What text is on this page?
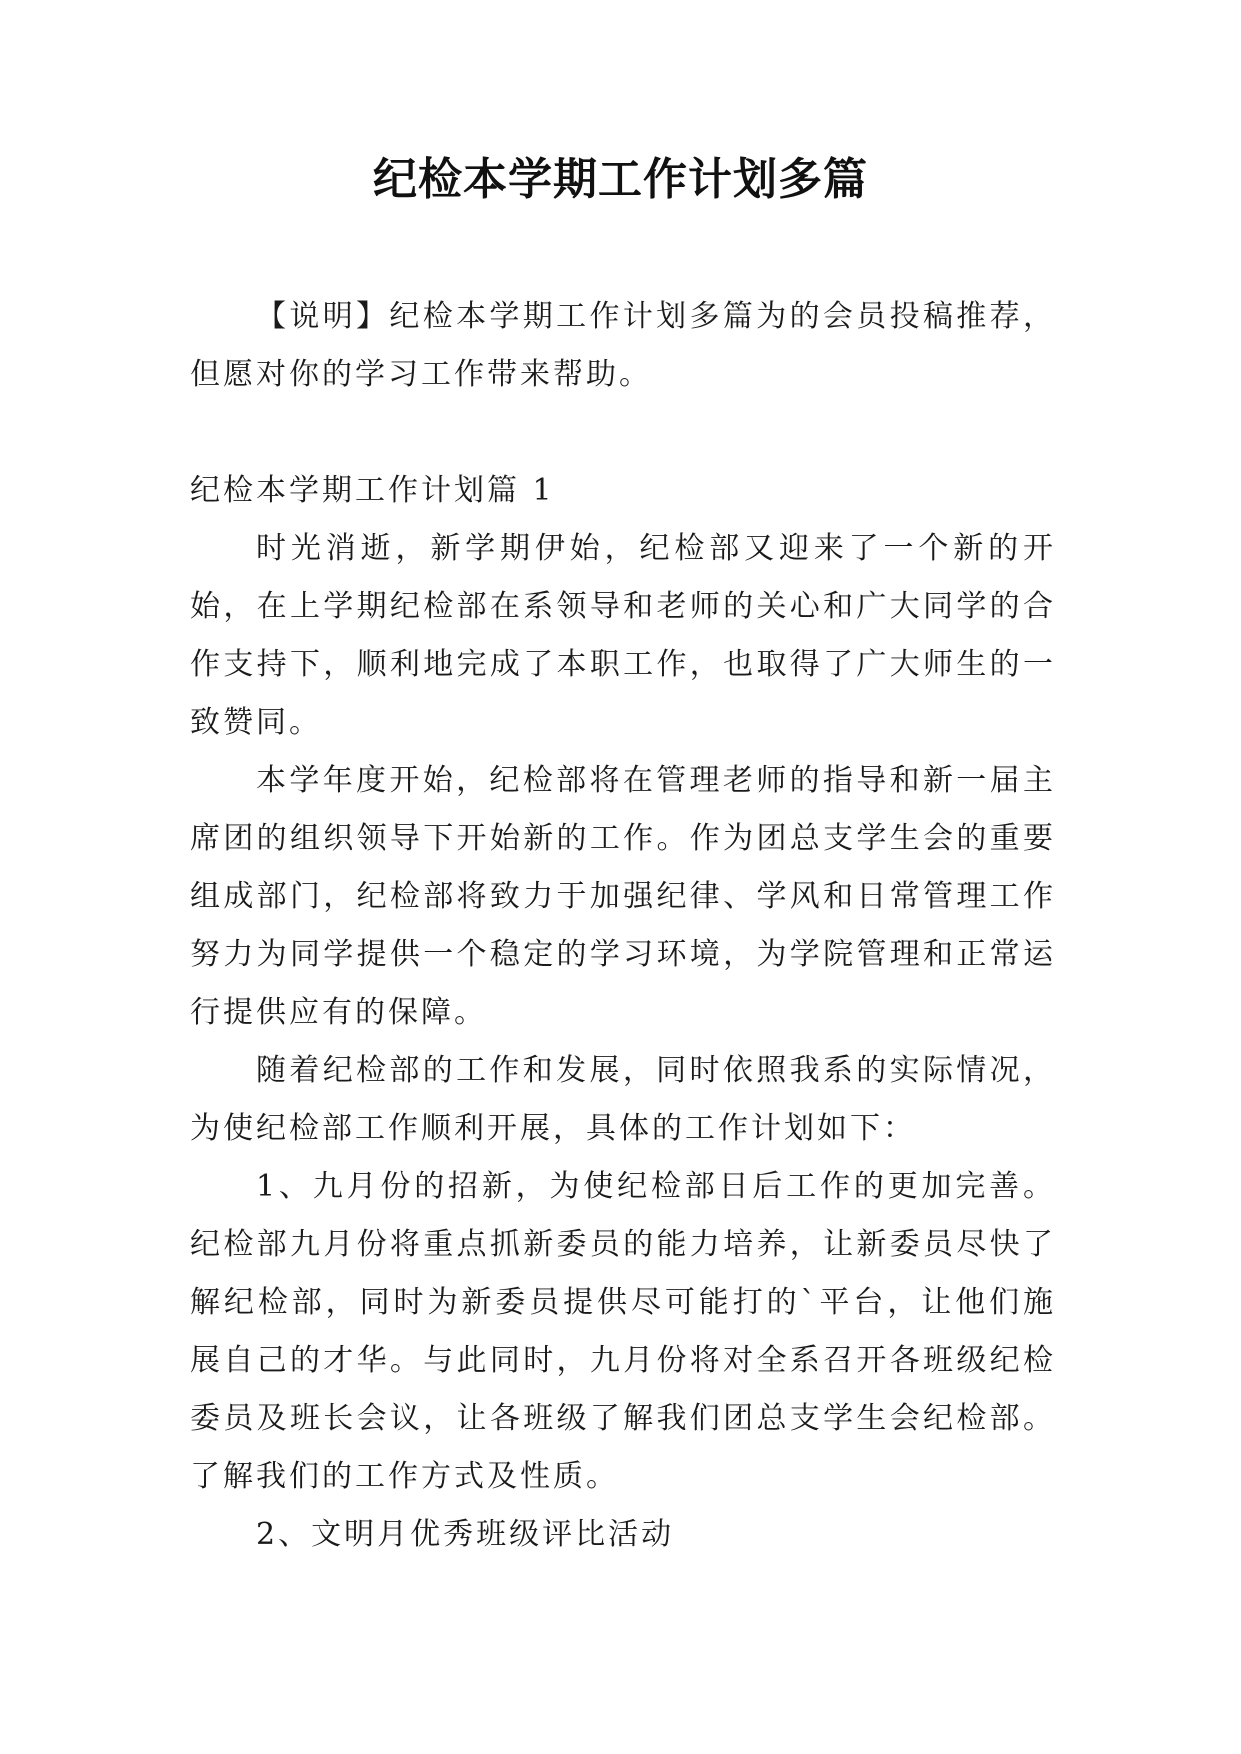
纪检本学期工作计划多篇

【说明】纪检本学期工作计划多篇为的会员投稿推荐，但愿对你的学习工作带来帮助。

纪检本学期工作计划篇 1

时光消逝，新学期伊始，纪检部又迎来了一个新的开始，在上学期纪检部在系领导和老师的关心和广大同学的合作支持下，顺利地完成了本职工作，也取得了广大师生的一致赞同。

本学年度开始，纪检部将在管理老师的指导和新一届主席团的组织领导下开始新的工作。作为团总支学生会的重要组成部门，纪检部将致力于加强纪律、学风和日常管理工作努力为同学提供一个稳定的学习环境，为学院管理和正常运行提供应有的保障。

随着纪检部的工作和发展，同时依照我系的实际情况，为使纪检部工作顺利开展，具体的工作计划如下：

1、九月份的招新，为使纪检部日后工作的更加完善。纪检部九月份将重点抓新委员的能力培养，让新委员尽快了解纪检部，同时为新委员提供尽可能打的`平台，让他们施展自己的才华。与此同时，九月份将对全系召开各班级纪检委员及班长会议，让各班级了解我们团总支学生会纪检部。了解我们的工作方式及性质。

2、文明月优秀班级评比活动
